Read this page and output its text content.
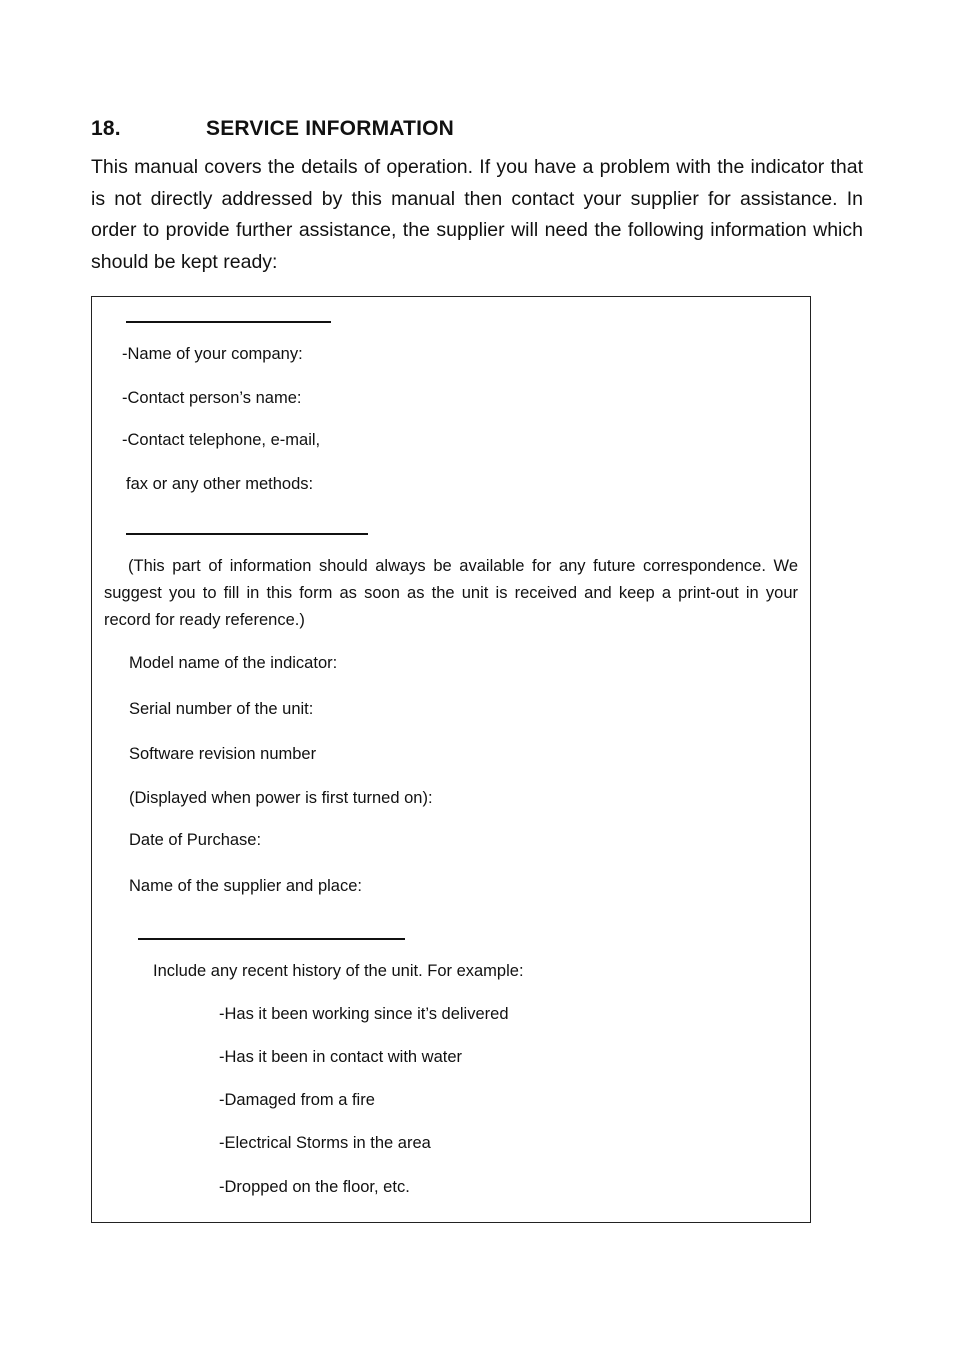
18.	SERVICE INFORMATION

This manual covers the details of operation. If you have a problem with the indicator that is not directly addressed by this manual then contact your supplier for assistance. In order to provide further assistance, the supplier will need the following information which should be kept ready:

-Name of your company:
-Contact person’s name:
-Contact telephone, e-mail,
fax or any other methods:

(This part of information should always be available for any future correspondence. We suggest you to fill in this form as soon as the unit is received and keep a print-out in your record for ready reference.)

Model name of the indicator:
Serial number of the unit:
Software revision number
(Displayed when power is first turned on):
Date of Purchase:
Name of the supplier and place:
Include any recent history of the unit. For example:
-Has it been working since it’s delivered
-Has it been in contact with water
-Damaged from a fire
-Electrical Storms in the area
-Dropped on the floor, etc.
